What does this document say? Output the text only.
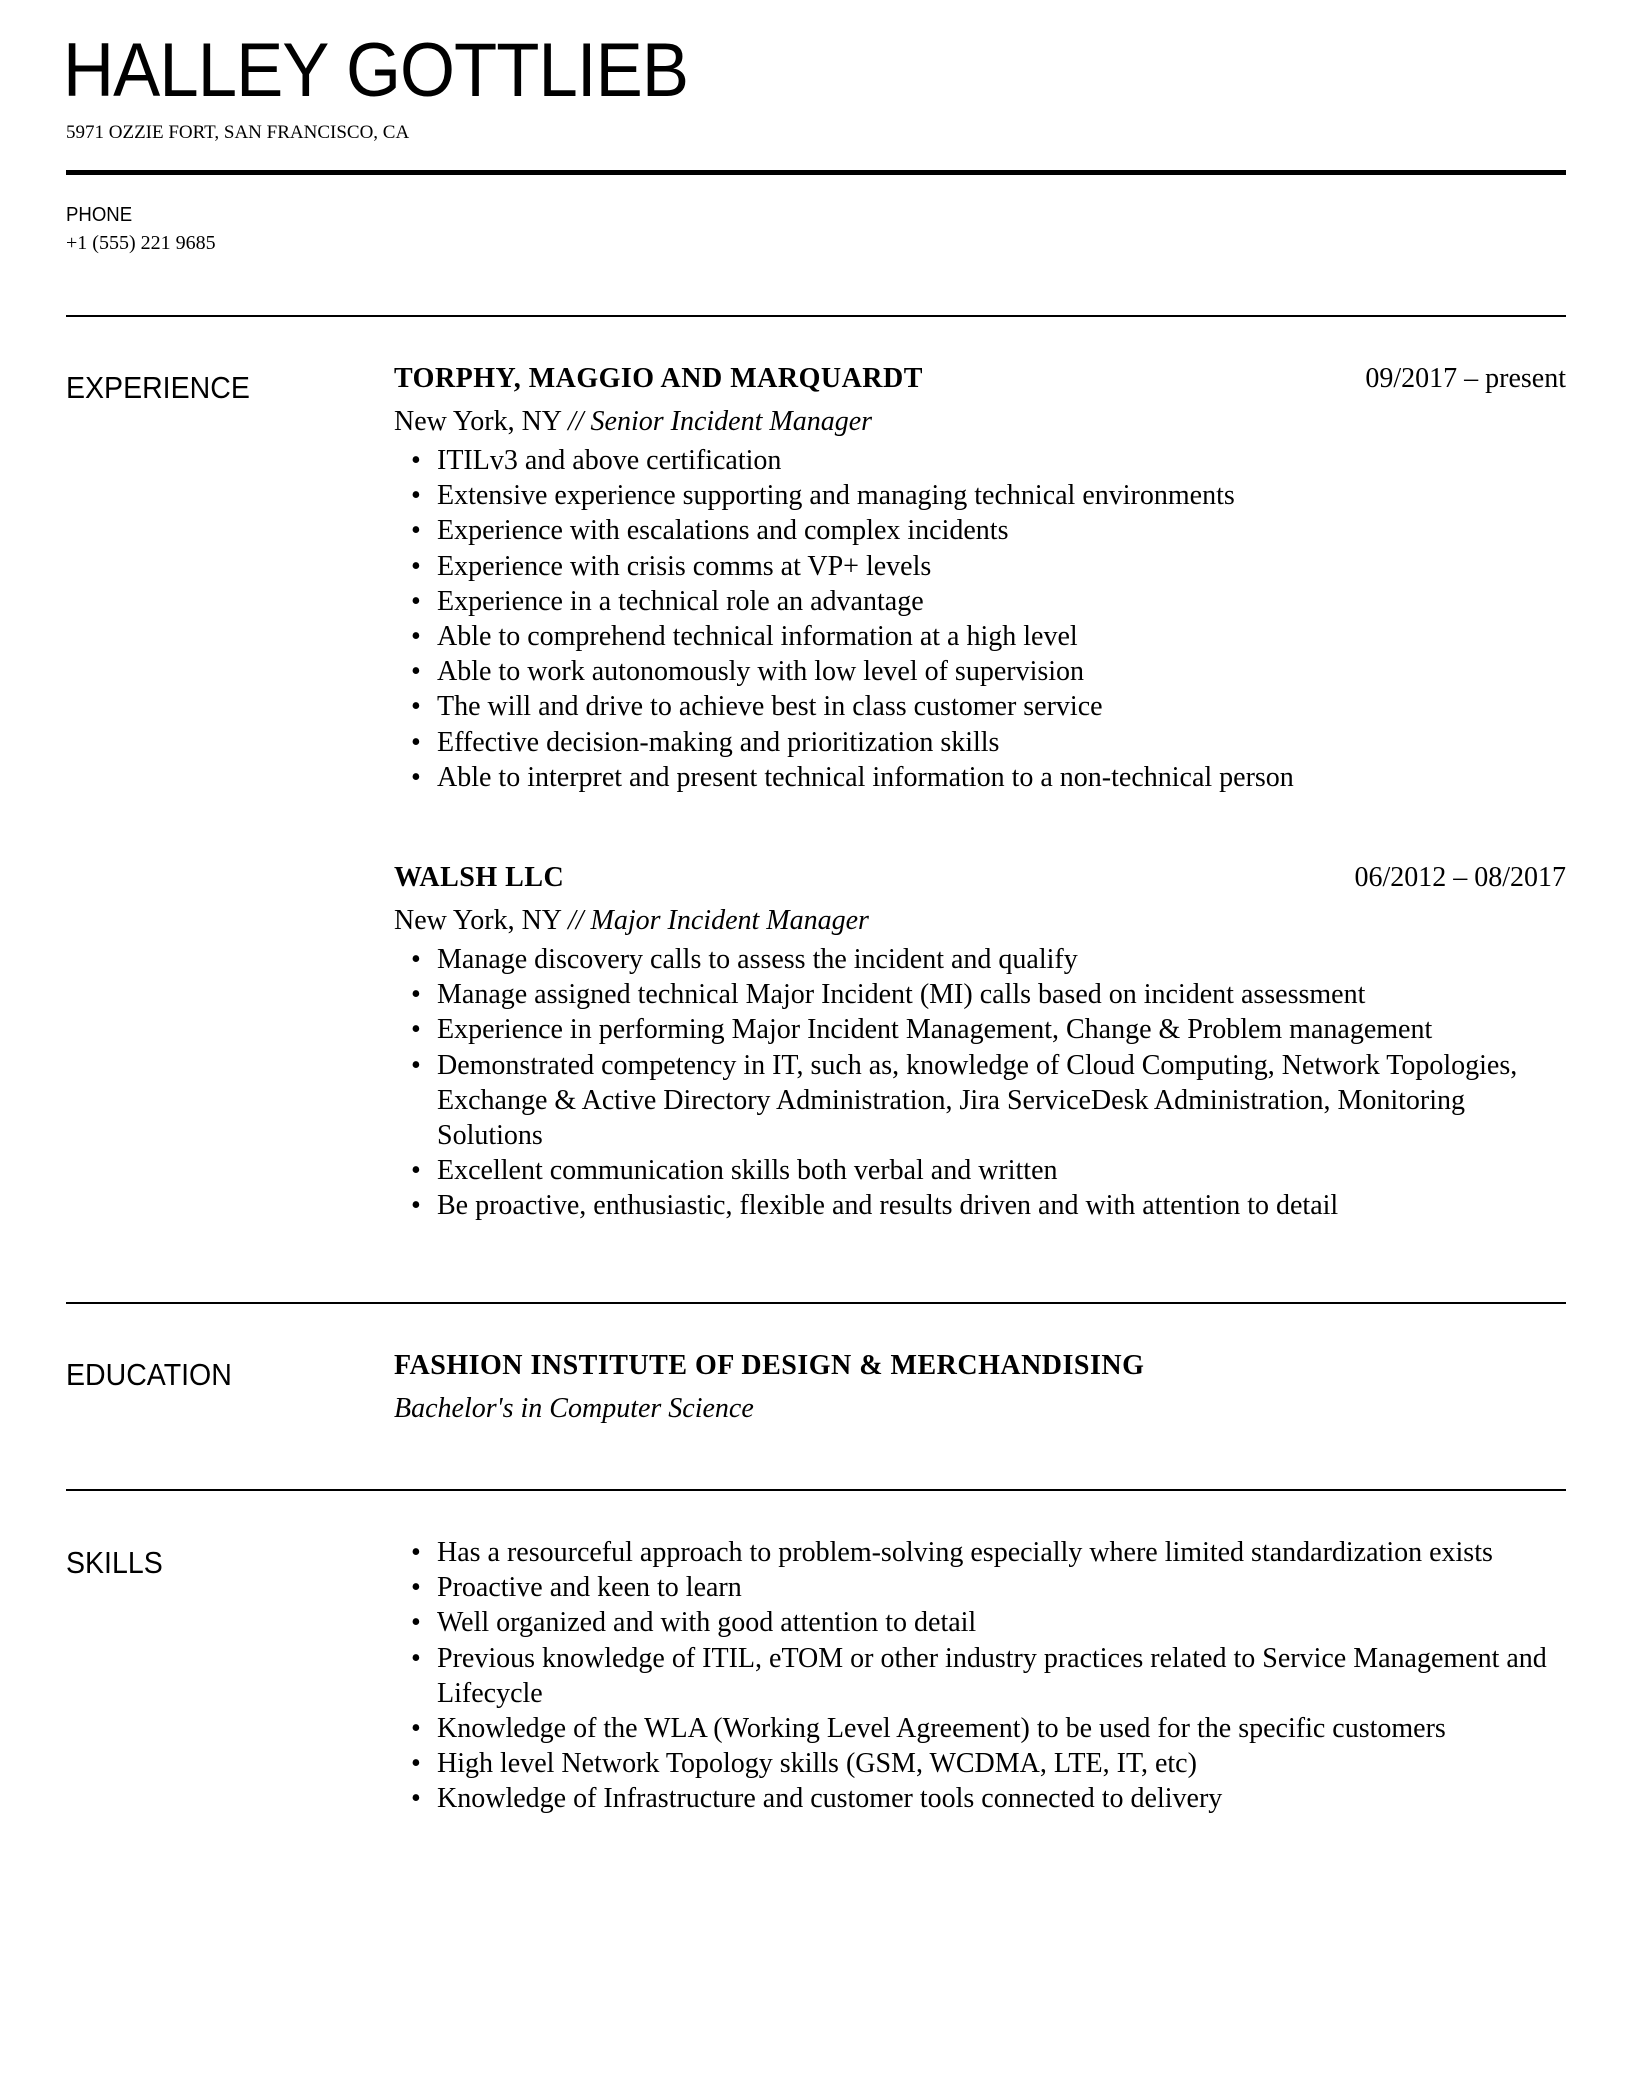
HALLEY GOTTLIEB
5971 OZZIE FORT, SAN FRANCISCO, CA
PHONE
+1 (555) 221 9685
EXPERIENCE	TORPHY, MAGGIO AND MARQUARDT	09/2017 – present
New York, NY // Senior Incident Manager
• ITILv3 and above certification
• Extensive experience supporting and managing technical environments
• Experience with escalations and complex incidents
• Experience with crisis comms at VP+ levels
• Experience in a technical role an advantage
• Able to comprehend technical information at a high level
• Able to work autonomously with low level of supervision
• The will and drive to achieve best in class customer service
• Effective decision-making and prioritization skills
• Able to interpret and present technical information to a non-technical person
WALSH LLC	06/2012 – 08/2017
New York, NY // Major Incident Manager
• Manage discovery calls to assess the incident and qualify
• Manage assigned technical Major Incident (MI) calls based on incident assessment
• Experience in performing Major Incident Management, Change & Problem management
• Demonstrated competency in IT, such as, knowledge of Cloud Computing, Network Topologies, Exchange & Active Directory Administration, Jira ServiceDesk Administration, Monitoring Solutions
• Excellent communication skills both verbal and written
• Be proactive, enthusiastic, flexible and results driven and with attention to detail
EDUCATION	FASHION INSTITUTE OF DESIGN & MERCHANDISING
Bachelor's in Computer Science
SKILLS	• Has a resourceful approach to problem-solving especially where limited standardization exists
• Proactive and keen to learn
• Well organized and with good attention to detail
• Previous knowledge of ITIL, eTOM or other industry practices related to Service Management and Lifecycle
• Knowledge of the WLA (Working Level Agreement) to be used for the specific customers
• High level Network Topology skills (GSM, WCDMA, LTE, IT, etc)
• Knowledge of Infrastructure and customer tools connected to delivery
